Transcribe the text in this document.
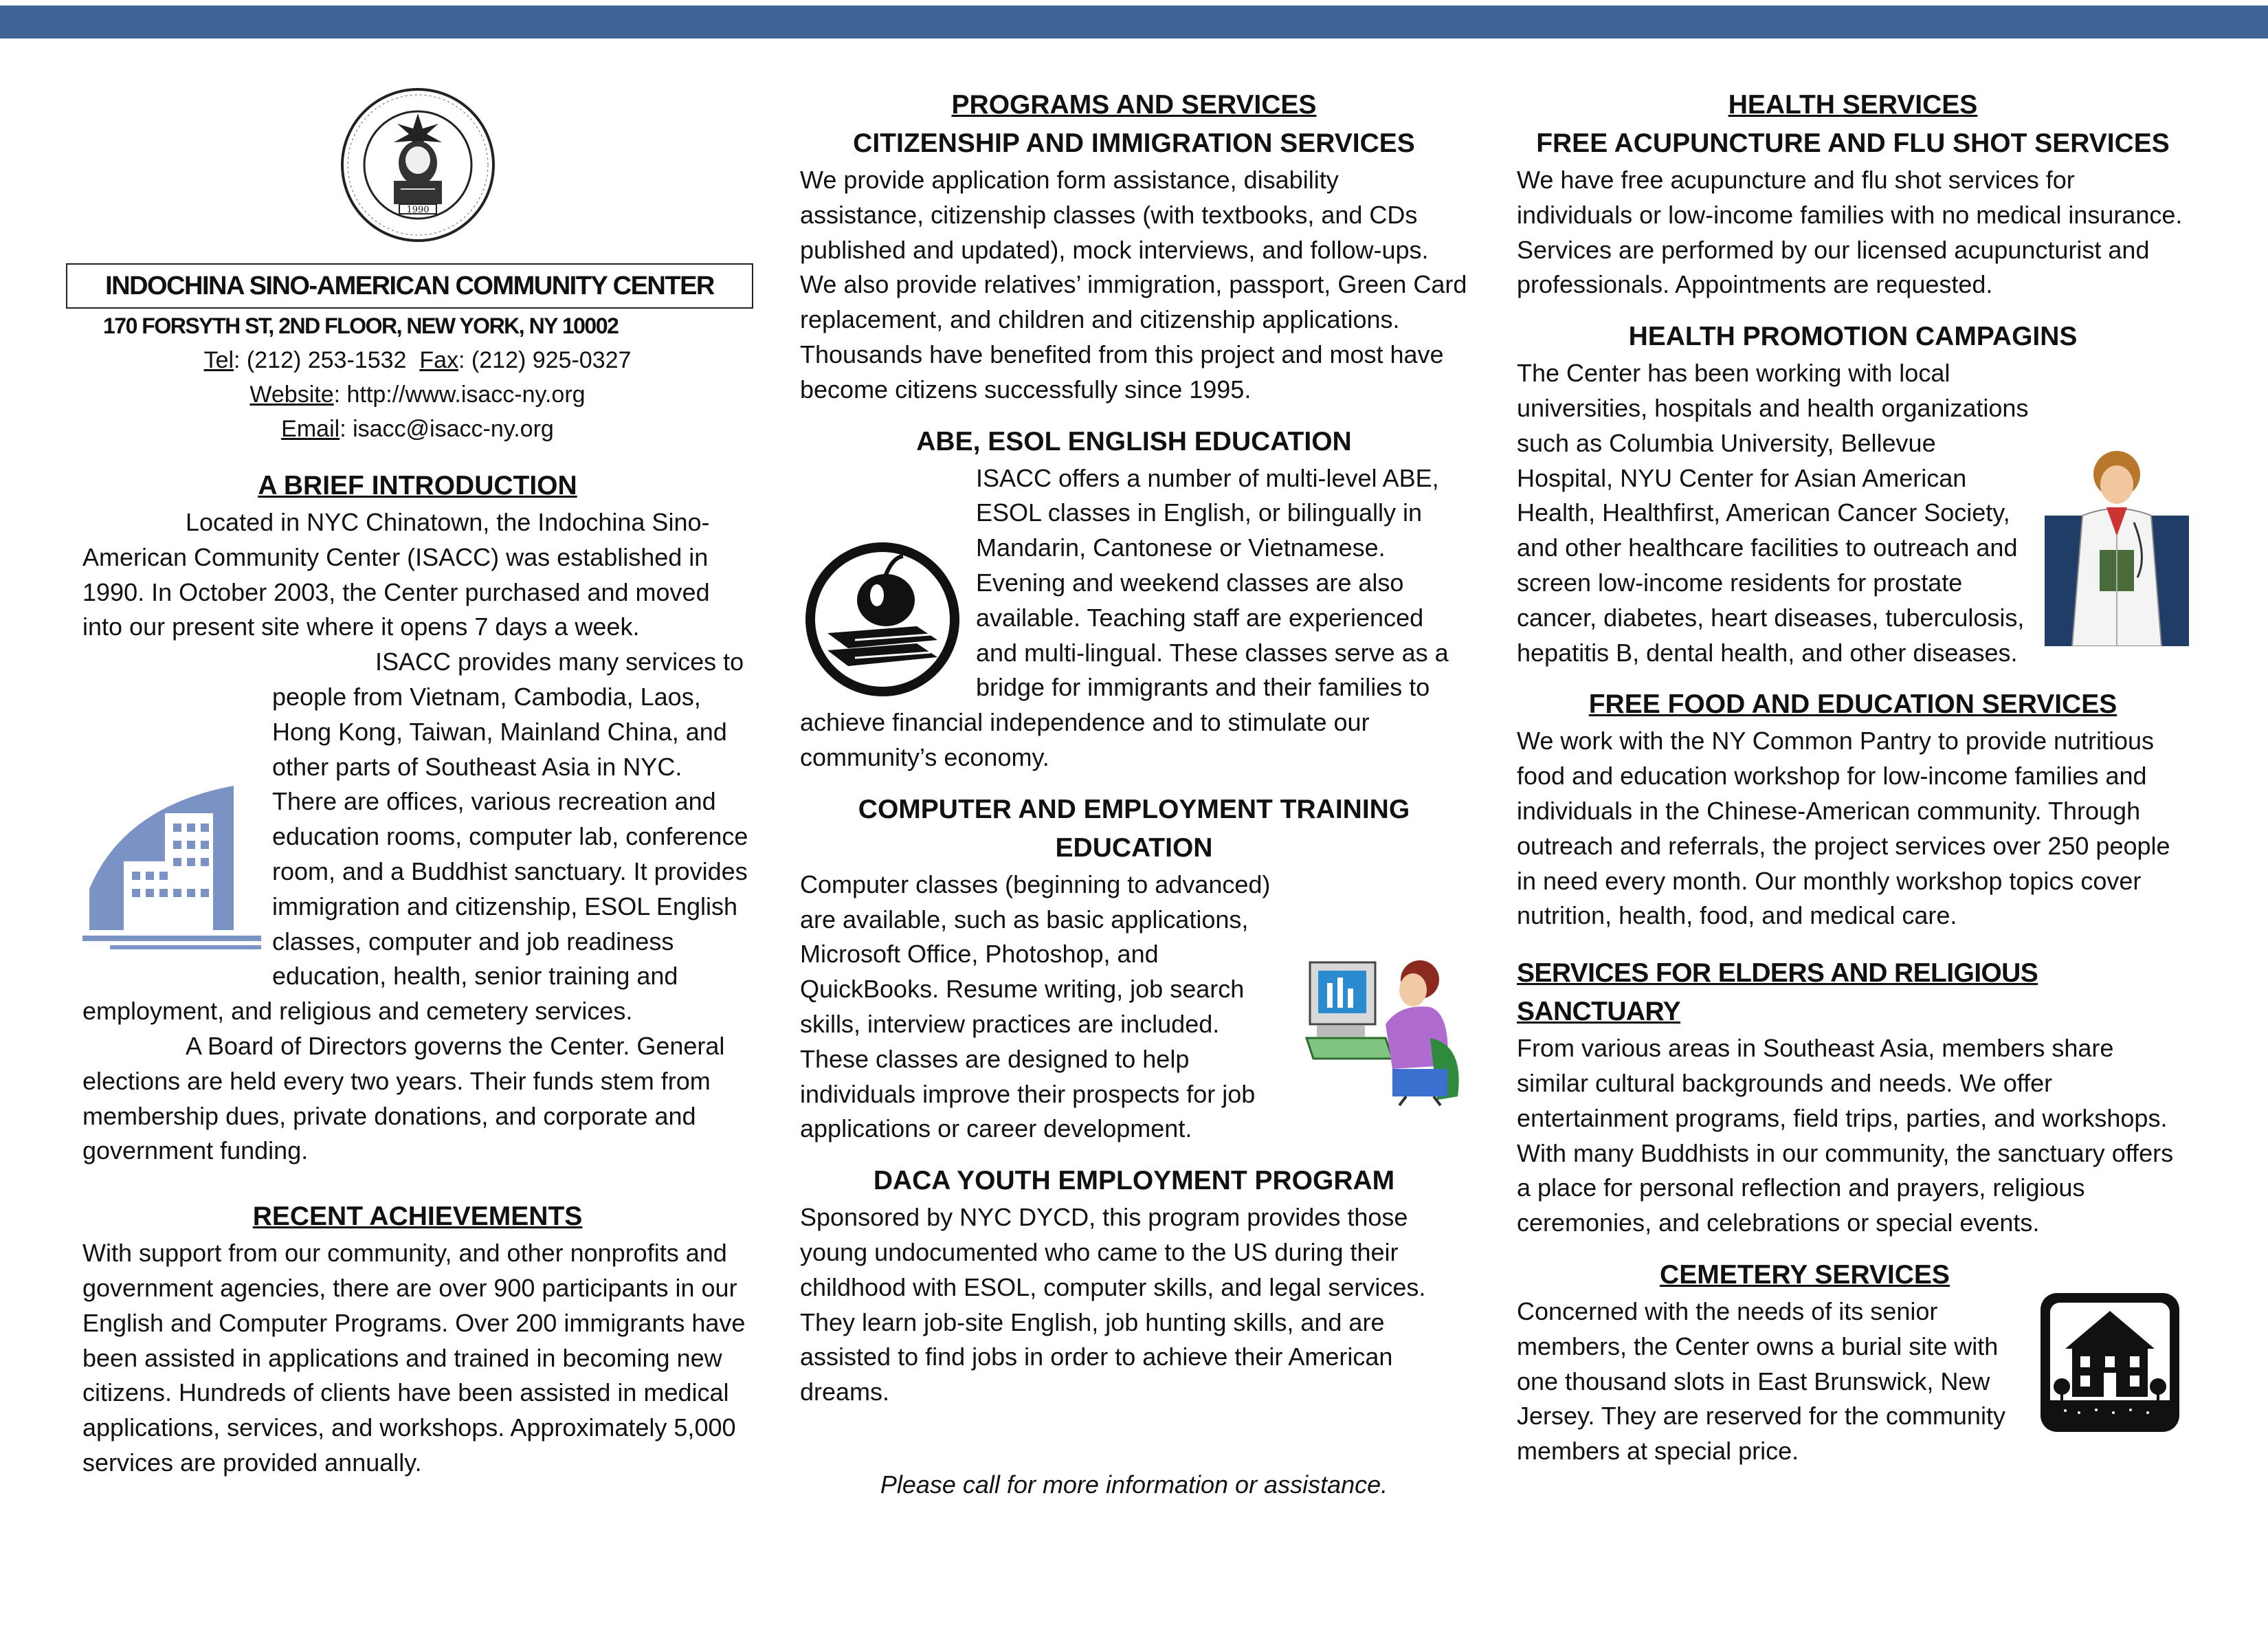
1990
INDOCHINA SINO-AMERICAN COMMUNITY CENTER
170 FORSYTH ST, 2ND FLOOR, NEW YORK, NY 10002
Tel: (212) 253-1532 Fax: (212) 925-0327
Website: http://www.isacc-ny.org
Email: isacc@isacc-ny.org
A BRIEF INTRODUCTION

Located in NYC Chinatown, the Indochina Sino-American Community Center (ISACC) was established in 1990. In October 2003, the Center purchased and moved into our present site where it opens 7 days a week.

ISACC provides many services to people from Vietnam, Cambodia, Laos, Hong Kong, Taiwan, Mainland China, and other parts of Southeast Asia in NYC. There are offices, various recreation and education rooms, computer lab, conference room, and a Buddhist sanctuary. It provides immigration and citizenship, ESOL English classes, computer and job readiness education, health, senior training and employment, and religious and cemetery services.

A Board of Directors governs the Center. General elections are held every two years. Their funds stem from membership dues, private donations, and corporate and government funding.

RECENT ACHIEVEMENTS

With support from our community, and other nonprofits and government agencies, there are over 900 participants in our English and Computer Programs. Over 200 immigrants have been assisted in applications and trained in becoming new citizens. Hundreds of clients have been assisted in medical applications, services, and workshops. Approximately 5,000 services are provided annually.

PROGRAMS AND SERVICES
CITIZENSHIP AND IMMIGRATION SERVICES

We provide application form assistance, disability assistance, citizenship classes (with textbooks, and CDs published and updated), mock interviews, and follow-ups. We also provide relatives’ immigration, passport, Green Card replacement, and children and citizenship applications. Thousands have benefited from this project and most have become citizens successfully since 1995.

ABE, ESOL ENGLISH EDUCATION

ISACC offers a number of multi-level ABE, ESOL classes in English, or bilingually in Mandarin, Cantonese or Vietnamese. Evening and weekend classes are also available. Teaching staff are experienced and multi-lingual. These classes serve as a bridge for immigrants and their families to achieve financial independence and to stimulate our community’s economy.

COMPUTER AND EMPLOYMENT TRAINING EDUCATION

Computer classes (beginning to advanced) are available, such as basic applications, Microsoft Office, Photoshop, and QuickBooks. Resume writing, job search skills, interview practices are included. These classes are designed to help individuals improve their prospects for job applications or career development.

DACA YOUTH EMPLOYMENT PROGRAM

Sponsored by NYC DYCD, this program provides those young undocumented who came to the US during their childhood with ESOL, computer skills, and legal services. They learn job-site English, job hunting skills, and are assisted to find jobs in order to achieve their American dreams.

Please call for more information or assistance.

HEALTH SERVICES
FREE ACUPUNCTURE AND FLU SHOT SERVICES

We have free acupuncture and flu shot services for individuals or low-income families with no medical insurance. Services are performed by our licensed acupuncturist and professionals. Appointments are requested.

HEALTH PROMOTION CAMPAGINS

The Center has been working with local universities, hospitals and health organizations such as Columbia University, Bellevue Hospital, NYU Center for Asian American Health, Healthfirst, American Cancer Society, and other healthcare facilities to outreach and screen low-income residents for prostate cancer, diabetes, heart diseases, tuberculosis, hepatitis B, dental health, and other diseases.

FREE FOOD AND EDUCATION SERVICES

We work with the NY Common Pantry to provide nutritious food and education workshop for low-income families and individuals in the Chinese-American community. Through outreach and referrals, the project services over 250 people in need every month. Our monthly workshop topics cover nutrition, health, food, and medical care.

SERVICES FOR ELDERS AND RELIGIOUS SANCTUARY

From various areas in Southeast Asia, members share similar cultural backgrounds and needs. We offer entertainment programs, field trips, parties, and workshops. With many Buddhists in our community, the sanctuary offers a place for personal reflection and prayers, religious ceremonies, and celebrations or special events.

CEMETERY SERVICES

Concerned with the needs of its senior members, the Center owns a burial site with one thousand slots in East Brunswick, New Jersey. They are reserved for the community members at special price.
